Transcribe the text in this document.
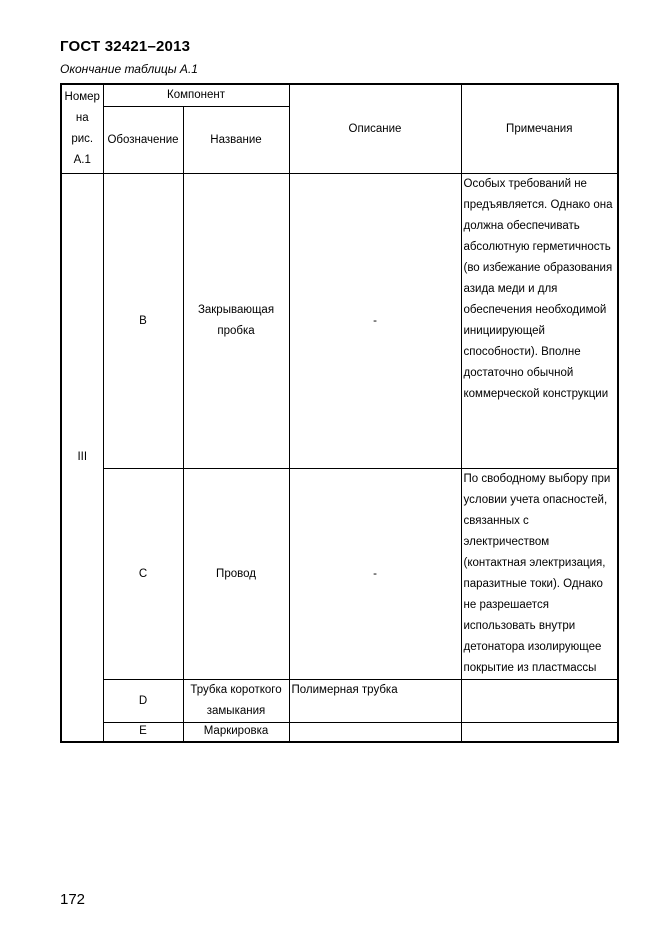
ГОСТ 32421–2013
Окончание таблицы А.1
Номер на рис. А.1	Компонент		Описание	Примечания
	Обозначение	Название		
III	B	Закрывающая пробка	-	Особых требований не предъявляется. Однако она должна обеспечивать абсолютную герметичность (во избежание образования азида меди и для обеспечения необходимой инициирующей способности). Вполне достаточно обычной коммерческой конструкции
	C	Провод	-	По свободному выбору при условии учета опасностей, связанных с электричеством (контактная электризация, паразитные токи). Однако не разрешается использовать внутри детонатора изолирующее покрытие из пластмассы
	D	Трубка короткого замыкания	Полимерная трубка	

	E	Маркировка		

172
